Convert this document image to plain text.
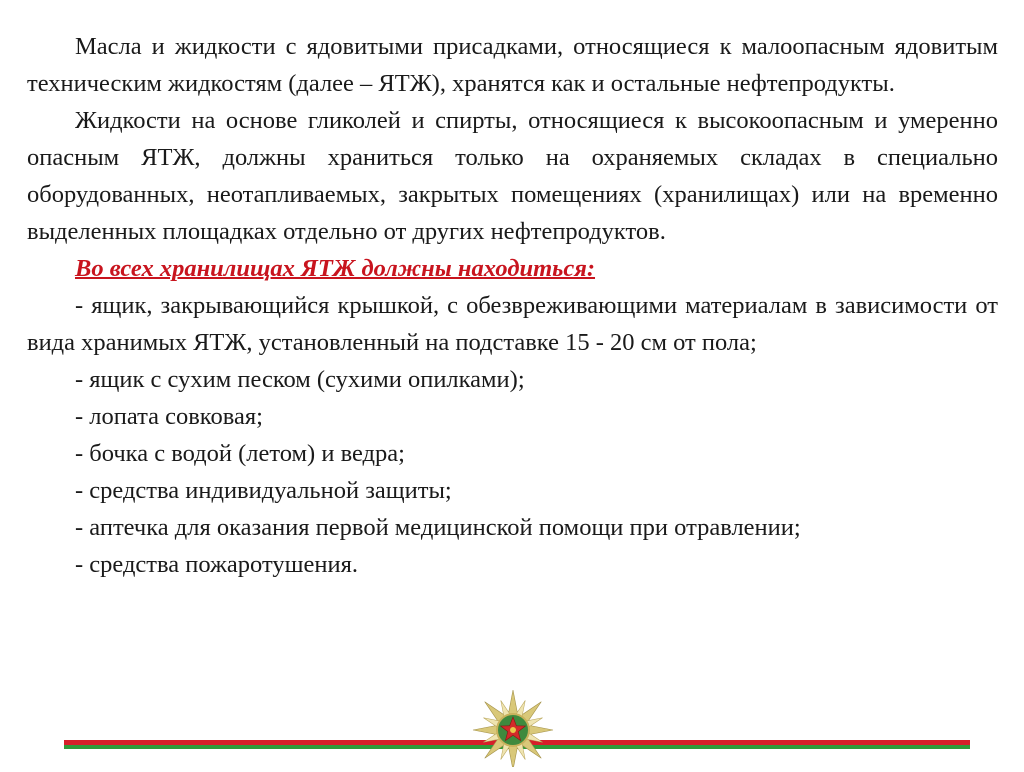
Масла и жидкости с ядовитыми присадками, относящиеся к малоопасным ядовитым техническим жидкостям (далее – ЯТЖ), хранятся как и остальные нефтепродукты.

Жидкости на основе гликолей и спирты, относящиеся к высокоопасным и умеренно опасным ЯТЖ, должны храниться только на охраняемых складах в специально оборудованных, неотапливаемых, закрытых помещениях (хранилищах) или на временно выделенных площадках отдельно от других нефтепродуктов.

Во всех хранилищах ЯТЖ должны находиться:

- ящик, закрывающийся крышкой, с обезвреживающими материалам в зависимости от вида хранимых ЯТЖ, установленный на подставке 15 - 20 см от пола;

- ящик с сухим песком (сухими опилками);

- лопата совковая;

- бочка с водой (летом) и ведра;

- средства индивидуальной защиты;

- аптечка для оказания первой медицинской помощи при отравлении;

- средства пожаротушения.
